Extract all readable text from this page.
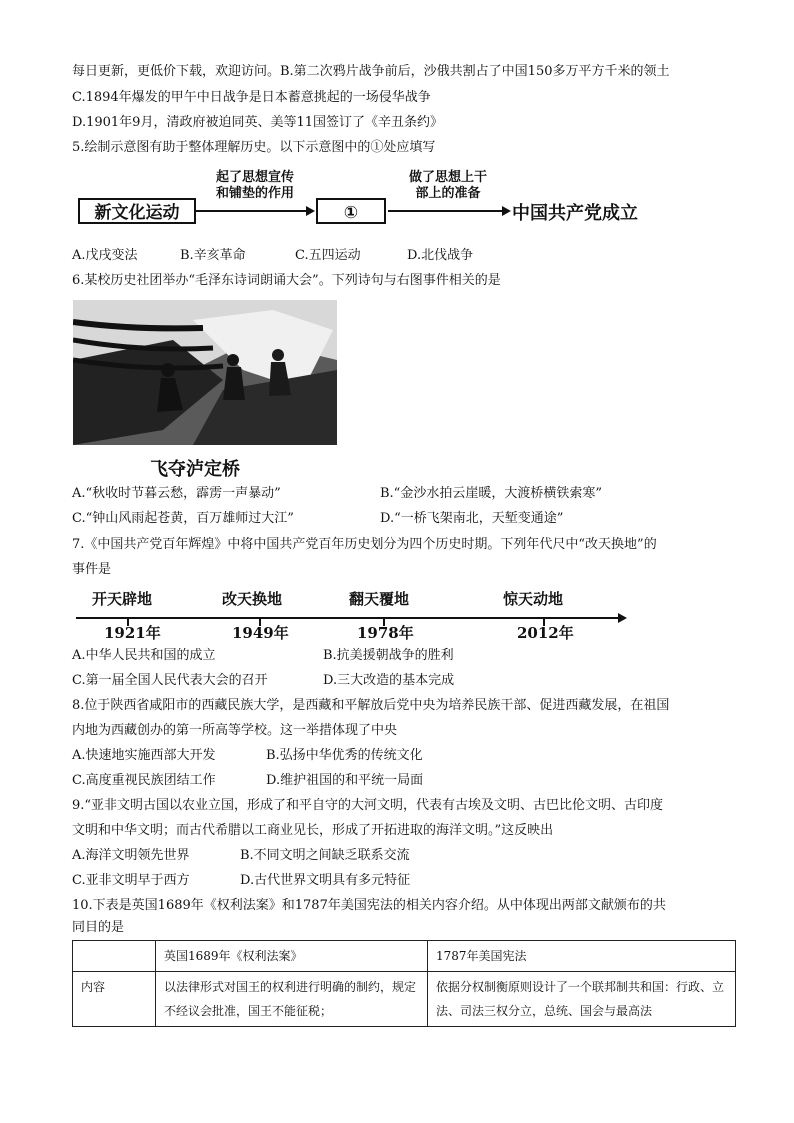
每日更新，更低价下载，欢迎访问。B.第二次鸦片战争前后，沙俄共割占了中国150多万平方千米的领土
C.1894年爆发的甲午中日战争是日本蓄意挑起的一场侵华战争
D.1901年9月，清政府被迫同英、美等11国签订了《辛丑条约》
5.绘制示意图有助于整体理解历史。以下示意图中的①处应填写
新文化运动
起了思想宣传
和铺垫的作用
①
做了思想上干
部上的准备
中国共产党成立
A.戊戌变法	B.辛亥革命	C.五四运动	D.北伐战争
6.某校历史社团举办“毛泽东诗词朗诵大会”。下列诗句与右图事件相关的是
飞夺泸定桥
A.“秋收时节暮云愁，霹雳一声暴动”	B.“金沙水拍云崖暖，大渡桥横铁索寒”
C.“钟山风雨起苍黄，百万雄师过大江”	D.“一桥飞架南北，天堑变通途”
7.《中国共产党百年辉煌》中将中国共产党百年历史划分为四个历史时期。下列年代尺中“改天换地”的
事件是
开天辟地	改天换地	翻天覆地	惊天动地
1921年	1949年	1978年	2012年
A.中华人民共和国的成立	B.抗美援朝战争的胜利
C.第一届全国人民代表大会的召开	D.三大改造的基本完成
8.位于陕西省咸阳市的西藏民族大学，是西藏和平解放后党中央为培养民族干部、促进西藏发展，在祖国
内地为西藏创办的第一所高等学校。这一举措体现了中央
A.快速地实施西部大开发	B.弘扬中华优秀的传统文化
C.高度重视民族团结工作	D.维护祖国的和平统一局面
9.“亚非文明古国以农业立国，形成了和平自守的大河文明，代表有古埃及文明、古巴比伦文明、古印度
文明和中华文明；而古代希腊以工商业见长，形成了开拓进取的海洋文明。”这反映出
A.海洋文明领先世界	B.不同文明之间缺乏联系交流
C.亚非文明早于西方	D.古代世界文明具有多元特征
10.下表是英国1689年《权利法案》和1787年美国宪法的相关内容介绍。从中体现出两部文献颁布的共
同目的是
	英国1689年《权利法案》	1787年美国宪法
内容	以法律形式对国王的权利进行明确的制约，规定不经议会批准，国王不能征税；	依据分权制衡原则设计了一个联邦制共和国：行政、立法、司法三权分立，总统、国会与最高法
